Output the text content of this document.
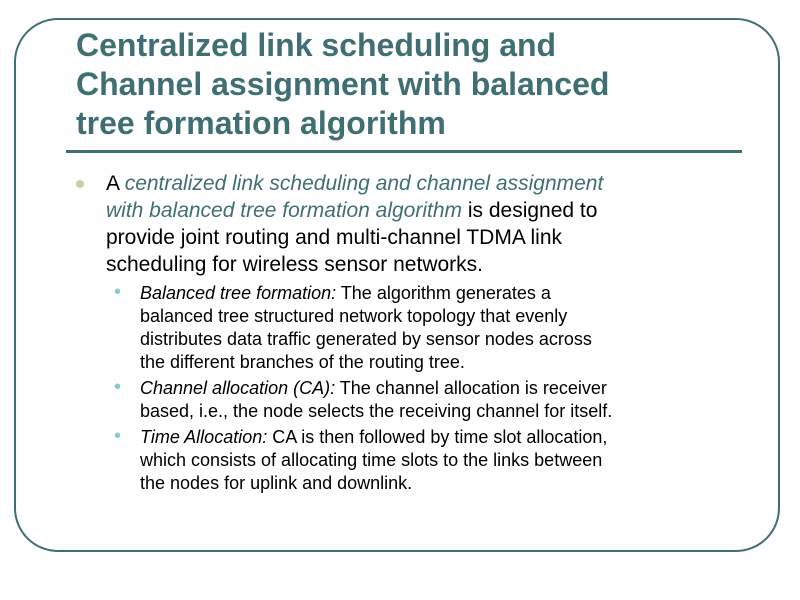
Centralized link scheduling and
Channel assignment with balanced
tree formation algorithm
A centralized link scheduling and channel assignment
with balanced tree formation algorithm is designed to
provide joint routing and multi-channel TDMA link
scheduling for wireless sensor networks.
• Balanced tree formation: The algorithm generates a
balanced tree structured network topology that evenly
distributes data traffic generated by sensor nodes across
the different branches of the routing tree.
• Channel allocation (CA): The channel allocation is receiver
based, i.e., the node selects the receiving channel for itself.
• Time Allocation: CA is then followed by time slot allocation,
which consists of allocating time slots to the links between
the nodes for uplink and downlink.
